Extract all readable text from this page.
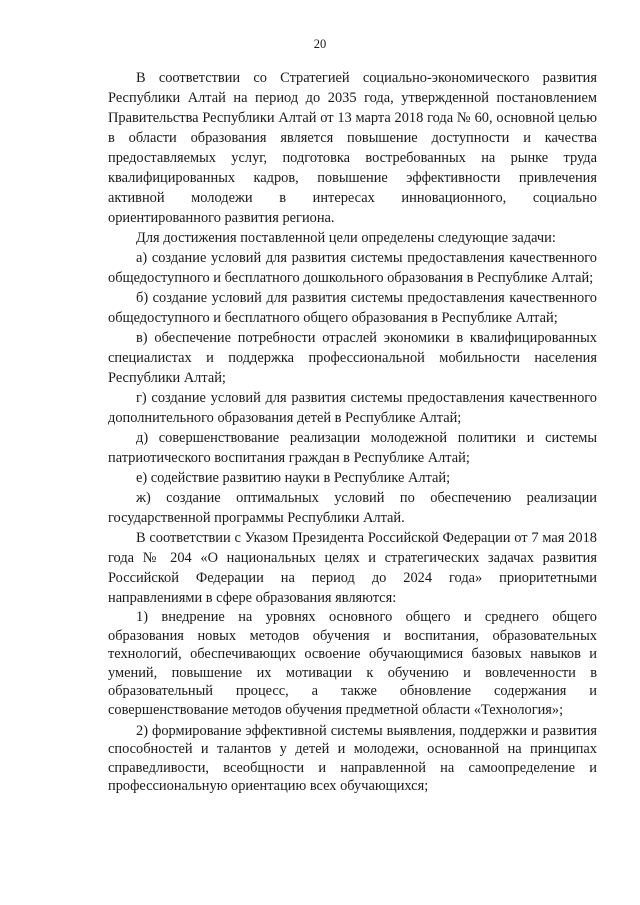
20

В соответствии со Стратегией социально-экономического развития Республики Алтай на период до 2035 года, утвержденной постановлением Правительства Республики Алтай от 13 марта 2018 года № 60, основной целью в области образования является повышение доступности и качества предоставляемых услуг, подготовка востребованных на рынке труда квалифицированных кадров, повышение эффективности привлечения активной молодежи в интересах инновационного, социально ориентированного развития региона.

Для достижения поставленной цели определены следующие задачи:

а) создание условий для развития системы предоставления качественного общедоступного и бесплатного дошкольного образования в Республике Алтай;

б) создание условий для развития системы предоставления качественного общедоступного и бесплатного общего образования в Республике Алтай;

в) обеспечение потребности отраслей экономики в квалифицированных специалистах и поддержка профессиональной мобильности населения Республики Алтай;

г) создание условий для развития системы предоставления качественного дополнительного образования детей в Республике Алтай;

д) совершенствование реализации молодежной политики и системы патриотического воспитания граждан в Республике Алтай;

е) содействие развитию науки в Республике Алтай;

ж) создание оптимальных условий по обеспечению реализации государственной программы Республики Алтай.

В соответствии с Указом Президента Российской Федерации от 7 мая 2018 года № 204 «О национальных целях и стратегических задачах развития Российской Федерации на период до 2024 года» приоритетными направлениями в сфере образования являются:

1) внедрение на уровнях основного общего и среднего общего образования новых методов обучения и воспитания, образовательных технологий, обеспечивающих освоение обучающимися базовых навыков и умений, повышение их мотивации к обучению и вовлеченности в образовательный процесс, а также обновление содержания и совершенствование методов обучения предметной области «Технология»;

2) формирование эффективной системы выявления, поддержки и развития способностей и талантов у детей и молодежи, основанной на принципах справедливости, всеобщности и направленной на самоопределение и профессиональную ориентацию всех обучающихся;
